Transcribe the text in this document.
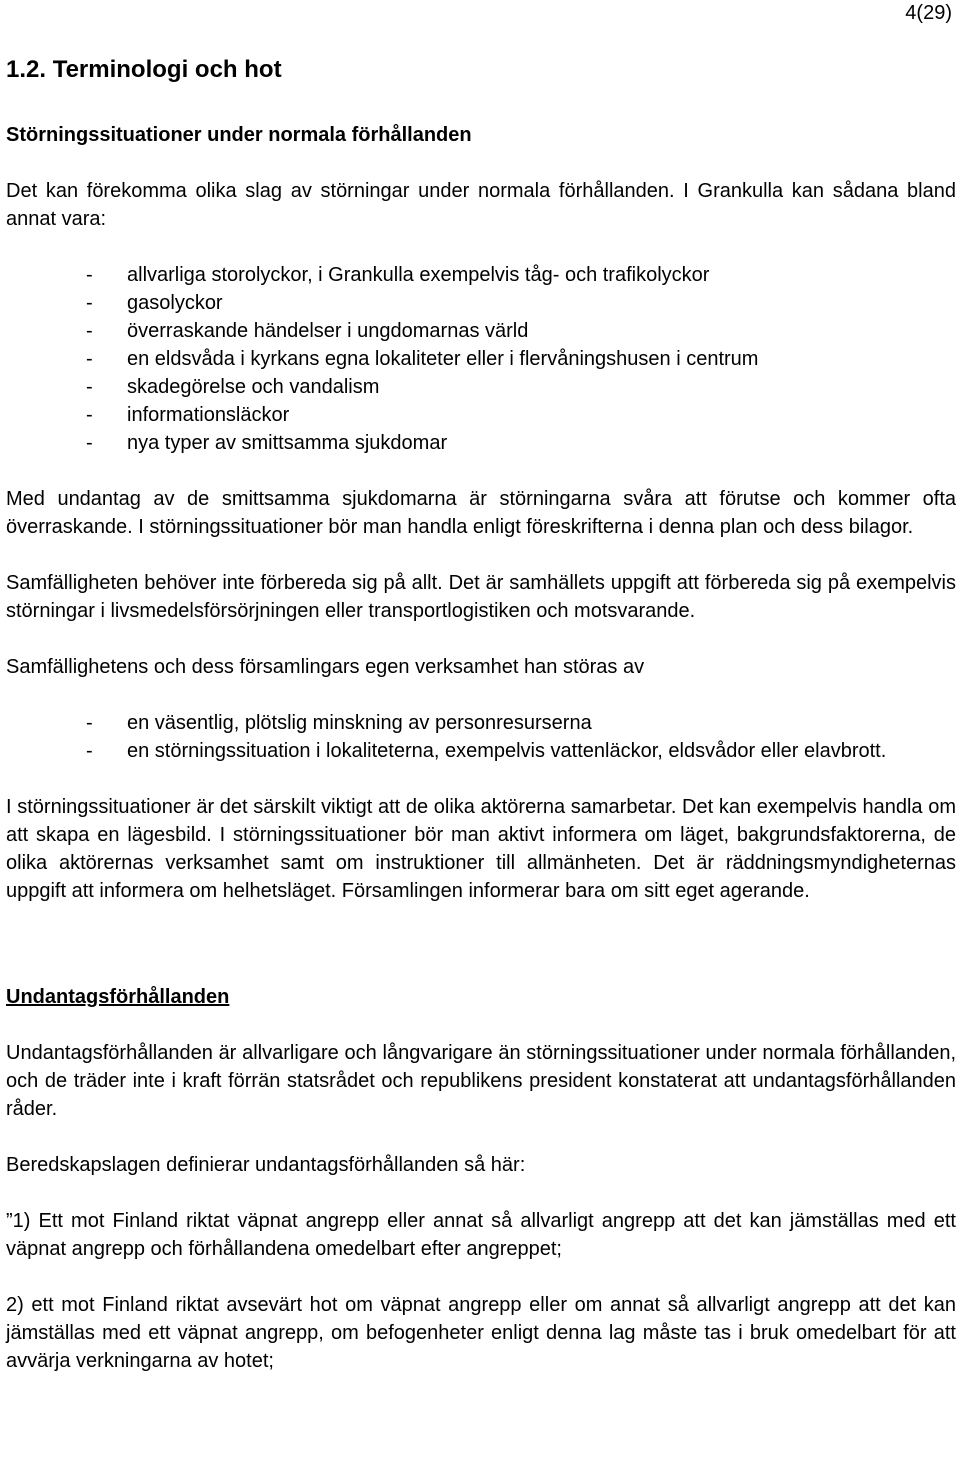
4(29)
1.2. Terminologi och hot
Störningssituationer under normala förhållanden

Det kan förekomma olika slag av störningar under normala förhållanden. I Grankulla kan sådana bland annat vara:

- allvarliga storolyckor, i Grankulla exempelvis tåg- och trafikolyckor
- gasolyckor
- överraskande händelser i ungdomarnas värld
- en eldsvåda i kyrkans egna lokaliteter eller i flervåningshusen i centrum
- skadegörelse och vandalism
- informationsläckor
- nya typer av smittsamma sjukdomar

Med undantag av de smittsamma sjukdomarna är störningarna svåra att förutse och kommer ofta överraskande. I störningssituationer bör man handla enligt föreskrifterna i denna plan och dess bilagor.

Samfälligheten behöver inte förbereda sig på allt. Det är samhällets uppgift att förbereda sig på exempelvis störningar i livsmedelsförsörjningen eller transportlogistiken och motsvarande.

Samfällighetens och dess församlingars egen verksamhet han störas av

- en väsentlig, plötslig minskning av personresurserna
- en störningssituation i lokaliteterna, exempelvis vattenläckor, eldsvådor eller elavbrott.

I störningssituationer är det särskilt viktigt att de olika aktörerna samarbetar. Det kan exempelvis handla om att skapa en lägesbild. I störningssituationer bör man aktivt informera om läget, bakgrundsfaktorerna, de olika aktörernas verksamhet samt om instruktioner till allmänheten. Det är räddningsmyndigheternas uppgift att informera om helhetsläget. Församlingen informerar bara om sitt eget agerande.

Undantagsförhållanden

Undantagsförhållanden är allvarligare och långvarigare än störningssituationer under normala förhållanden, och de träder inte i kraft förrän statsrådet och republikens president konstaterat att undantagsförhållanden råder.

Beredskapslagen definierar undantagsförhållanden så här:

”1) Ett mot Finland riktat väpnat angrepp eller annat så allvarligt angrepp att det kan jämställas med ett väpnat angrepp och förhållandena omedelbart efter angreppet;

2) ett mot Finland riktat avsevärt hot om väpnat angrepp eller om annat så allvarligt angrepp att det kan jämställas med ett väpnat angrepp, om befogenheter enligt denna lag måste tas i bruk omedelbart för att avvärja verkningarna av hotet;
